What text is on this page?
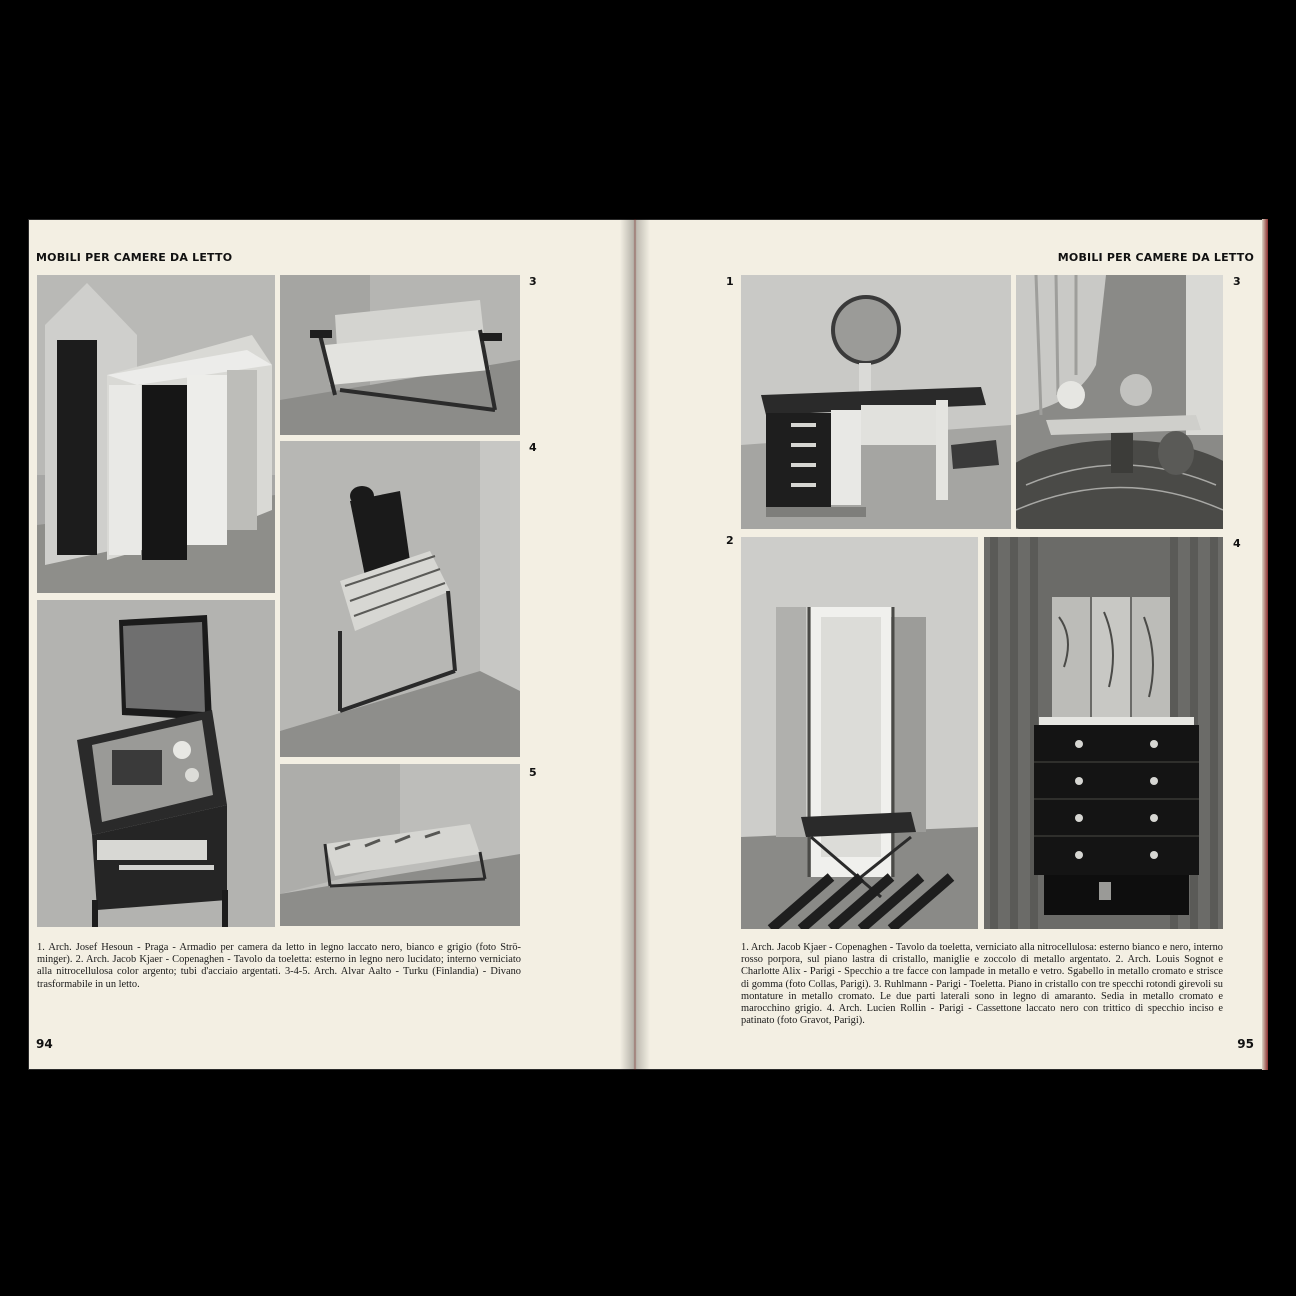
MOBILI PER CAMERE DA LETTO
3
4
5
1. Arch. Josef Hesoun - Praga - Armadio per camera da letto in legno laccato nero, bianco e grigio (foto Strö-minger). 2. Arch. Jacob Kjaer - Copenaghen - Tavolo da toeletta: esterno in legno nero lucidato; interno verniciato alla nitrocellulosa color argento; tubi d'acciaio argentati. 3-4-5. Arch. Alvar Aalto - Turku (Finlandia) - Divano trasformabile in un letto.
94
MOBILI PER CAMERE DA LETTO
1	3
2	4
1. Arch. Jacob Kjaer - Copenaghen - Tavolo da toeletta, verniciato alla nitrocellulosa: esterno bianco e nero, interno rosso porpora, sul piano lastra di cristallo, maniglie e zoccolo di metallo argentato. 2. Arch. Louis Sognot e Charlotte Alix - Parigi - Specchio a tre facce con lampade in metallo e vetro. Sgabello in metallo cromato e strisce di gomma (foto Collas, Parigi). 3. Ruhlmann - Parigi - Toeletta. Piano in cristallo con tre specchi rotondi girevoli su montature in metallo cromato. Le due parti laterali sono in legno di amaranto. Sedia in metallo cromato e marocchino grigio. 4. Arch. Lucien Rollin - Parigi - Cassettone laccato nero con trittico di specchio inciso e patinato (foto Gravot, Parigi).
95
